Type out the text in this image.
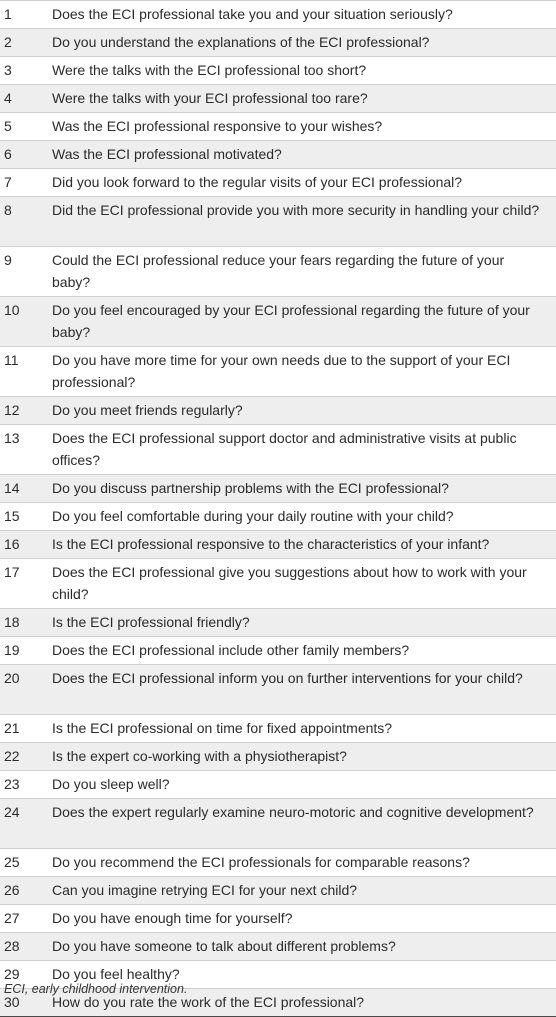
1	Does the ECI professional take you and your situation seriously?
2	Do you understand the explanations of the ECI professional?
3	Were the talks with the ECI professional too short?
4	Were the talks with your ECI professional too rare?
5	Was the ECI professional responsive to your wishes?
6	Was the ECI professional motivated?
7	Did you look forward to the regular visits of your ECI professional?
8	Did the ECI professional provide you with more security in handling your child?
9	Could the ECI professional reduce your fears regarding the future of your baby?
10	Do you feel encouraged by your ECI professional regarding the future of your baby?
11	Do you have more time for your own needs due to the support of your ECI professional?
12	Do you meet friends regularly?
13	Does the ECI professional support doctor and administrative visits at public offices?
14	Do you discuss partnership problems with the ECI professional?
15	Do you feel comfortable during your daily routine with your child?
16	Is the ECI professional responsive to the characteristics of your infant?
17	Does the ECI professional give you suggestions about how to work with your child?
18	Is the ECI professional friendly?
19	Does the ECI professional include other family members?
20	Does the ECI professional inform you on further interventions for your child?
21	Is the ECI professional on time for fixed appointments?
22	Is the expert co-working with a physiotherapist?
23	Do you sleep well?
24	Does the expert regularly examine neuro-motoric and cognitive development?
25	Do you recommend the ECI professionals for comparable reasons?
26	Can you imagine retrying ECI for your next child?
27	Do you have enough time for yourself?
28	Do you have someone to talk about different problems?
29	Do you feel healthy?
30	How do you rate the work of the ECI professional?
ECI, early childhood intervention.
